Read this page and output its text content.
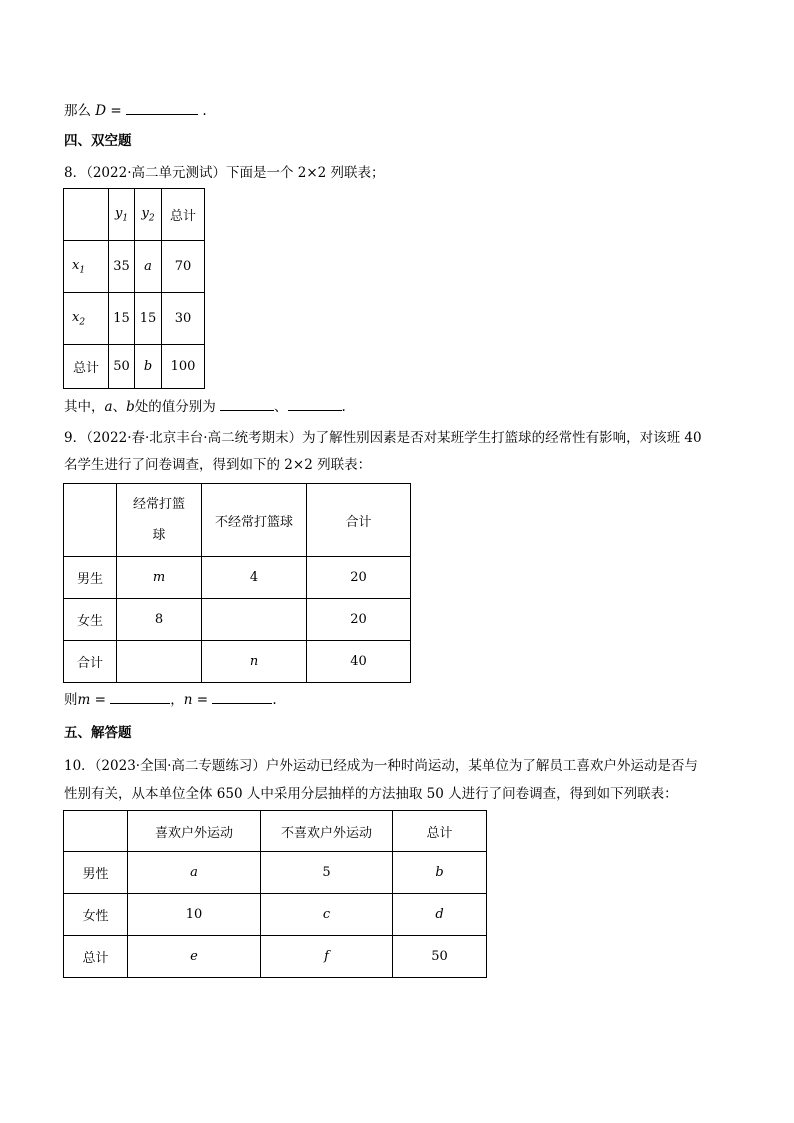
那么 D =	.
四、双空题
8．（2022·高二单元测试）下面是一个 2×2 列联表；
	$y_1$	$y_2$	总计
$x_1$	35	a	70
$x_2$	15	15	30
总计	50	b	100
其中，a、b处的值分别为	、	.
9．（2022·春·北京丰台·高二统考期末）为了解性别因素是否对某班学生打篮球的经常性有影响，对该班 40
名学生进行了问卷调查，得到如下的 2×2 列联表：

	经常打篮
球	不经常打篮球	合计
男生	m	4	20
女生	8		20
合计		n	40
则m =	，n =	.
五、解答题
10．（2023·全国·高二专题练习）户外运动已经成为一种时尚运动，某单位为了解员工喜欢户外运动是否与
性别有关，从本单位全体 650 人中采用分层抽样的方法抽取 50 人进行了问卷调查，得到如下列联表：
	喜欢户外运动	不喜欢户外运动	总计
男性	a	5	b
女性	10	c	d
总计	e	f	50
